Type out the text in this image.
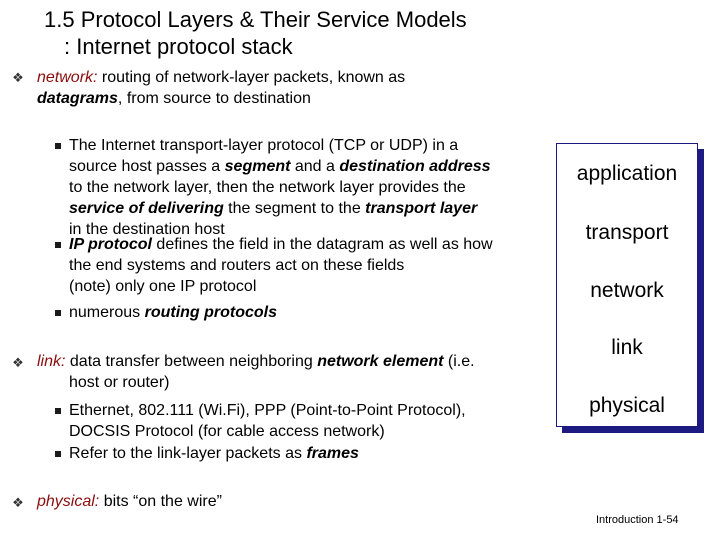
1.5 Protocol Layers & Their Service Models
: Internet protocol stack
❖ network: routing of network-layer packets, known as
datagrams, from source to destination
The Internet transport-layer protocol (TCP or UDP) in a
source host passes a segment and a destination address
to the network layer, then the network layer provides the
service of delivering the segment to the transport layer
in the destination host
IP protocol defines the field in the datagram as well as how
the end systems and routers act on these fields
(note) only one IP protocol
numerous routing protocols
❖ link: data transfer between neighboring network element (i.e.
host or router)
Ethernet, 802.111 (Wi.Fi), PPP (Point-to-Point Protocol),
DOCSIS Protocol (for cable access network)
Refer to the link-layer packets as frames
❖ physical: bits “on the wire”
application
transport
network
link
physical
Introduction 1-54
